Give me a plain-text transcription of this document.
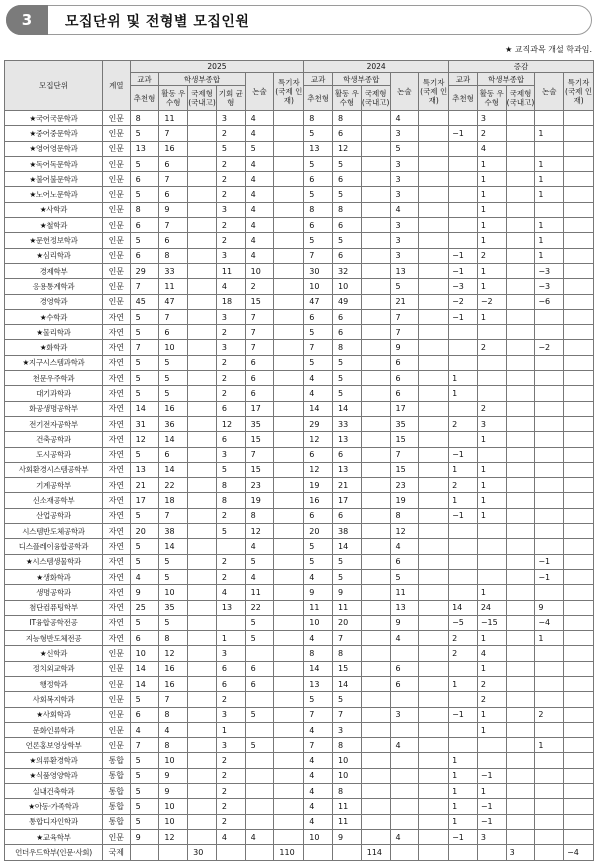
3	모집단위 및 전형별 모집인원
★ 교직과목 개설 학과임.
모집단위	계열	2025						2024					증감				
		교과	학생부종합			논술	특기자 (국제 인재)	교과	학생부종합		논술	특기자 (국제 인재)	교과	학생부종합		논술	특기자 (국제 인재)
		추천형	활동 우수형	국제형 (국내고)	기회 균형			추천형	활동 우수형	국제형 (국내고)			추천형	활동 우수형	국제형 (국내고)		
★국어국문학과	인문	8	11		3	4		8	8		4			3			
★중어중문학과	인문	5	7		2	4		5	6		3		−1	2		1	
★영어영문학과	인문	13	16		5	5		13	12		5			4			
★독어독문학과	인문	5	6		2	4		5	5		3			1		1	
★불어불문학과	인문	6	7		2	4		6	6		3			1		1	
★노어노문학과	인문	5	6		2	4		5	5		3			1		1	
★사학과	인문	8	9		3	4		8	8		4			1			
★철학과	인문	6	7		2	4		6	6		3			1		1	
★문헌정보학과	인문	5	6		2	4		5	5		3			1		1	
★심리학과	인문	6	8		3	4		7	6		3		−1	2		1	
경제학부	인문	29	33		11	10		30	32		13		−1	1		−3	
응용통계학과	인문	7	11		4	2		10	10		5		−3	1		−3	
경영학과	인문	45	47		18	15		47	49		21		−2	−2		−6	
★수학과	자연	5	7		3	7		6	6		7		−1	1			
★물리학과	자연	5	6		2	7		5	6		7						
★화학과	자연	7	10		3	7		7	8		9			2		−2	
★지구시스템과학과	자연	5	5		2	6		5	5		6						
천문우주학과	자연	5	5		2	6		4	5		6		1				
대기과학과	자연	5	5		2	6		4	5		6		1				
화공생명공학부	자연	14	16		6	17		14	14		17			2			
전기전자공학부	자연	31	36		12	35		29	33		35		2	3			
건축공학과	자연	12	14		6	15		12	13		15			1			
도시공학과	자연	5	6		3	7		6	6		7		−1				
사회환경시스템공학부	자연	13	14		5	15		12	13		15		1	1			
기계공학부	자연	21	22		8	23		19	21		23		2	1			
신소재공학부	자연	17	18		8	19		16	17		19		1	1			
산업공학과	자연	5	7		2	8		6	6		8		−1	1			
시스템반도체공학과	자연	20	38		5	12		20	38		12						
디스플레이융합공학과	자연	5	14			4		5	14		4						
★시스템생물학과	자연	5	5		2	5		5	5		6					−1	
★생화학과	자연	4	5		2	4		4	5		5					−1	
생명공학과	자연	9	10		4	11		9	9		11			1			
첨단컴퓨팅학부	자연	25	35		13	22		11	11		13		14	24		9	
IT융합공학전공	자연	5	5			5		10	20		9		−5	−15		−4	
지능형반도체전공	자연	6	8		1	5		4	7		4		2	1		1	
★신학과	인문	10	12		3			8	8				2	4			
정치외교학과	인문	14	16		6	6		14	15		6			1			
행정학과	인문	14	16		6	6		13	14		6		1	2			
사회복지학과	인문	5	7		2			5	5					2			
★사회학과	인문	6	8		3	5		7	7		3		−1	1		2	
문화인류학과	인문	4	4		1			4	3					1			
언론홍보영상학부	인문	7	8		3	5		7	8		4					1	
★의류환경학과	통합	5	10		2			4	10				1				
★식품영양학과	통합	5	9		2			4	10				1	−1			
실내건축학과	통합	5	9		2			4	8				1	1			
★아동·가족학과	통합	5	10		2			4	11				1	−1			
통합디자인학과	통합	5	10		2			4	11				1	−1			
★교육학부	인문	9	12		4	4		10	9		4		−1	3			
언더우드학부(인문·사회)	국제			30			110			114					3		−4
